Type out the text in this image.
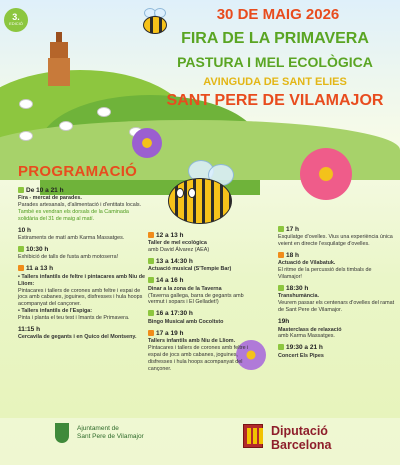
3.
EDICIÓ
30 DE MAIG 2026
FIRA DE LA PRIMAVERA
PASTURA I MEL ECOLÒGICA
AVINGUDA DE SANT ELIES
SANT PERE DE VILAMAJOR
PROGRAMACIÓ
De 10 a 21 h
Fira - mercat de parades.
Parades artesanals, d'alimentació i d'entitats locals.
També es vendran els dorsals de la Caminada solidària del 31 de maig al matí.
10 h
Estiraments de matí amb Karma Massatges.
10:30 h
Exhibició de talls de fusta amb motoserra!
11 a 13 h
• Tallers infantils de feltre i pintacares amb Niu de Lliom:
Pintacares i tallers de corones amb feltre i espai de jocs amb cabanes, joguines, disfresses i hula hoops acompanyat del cançoner.
• Tallers infantils de l'Espiga:
Pinta i planta el teu test i Imants de Primavera.
11:15 h
Cercavila de gegants i en Quico del Montseny.
12 a 13 h
Taller de mel ecològica
amb David Álvarez (AEA)
13 a 14:30 h
Actuació musical (S'Tempie Bar)
14 a 16 h
Dinar a la zona de la Taverna
(Taverna gallega, barra de gegants amb vermut i sopars i El Gelladet!)
16 a 17:30 h
Bingo Musical amb Cocoltsto
17 a 19 h
Tallers infantils amb Niu de Lliom.
Pintacares i tallers de corones amb feltre i espai de jocs amb cabanes, joguines, disfresses i hula hoops acompanyat del cançoner.
17 h
Esquilatge d'ovelles. Vius una experiència única veient en directe l'esquilatge d'ovelles.
18 h
Actuació de Vilabatuk.
El ritme de la percussió dels timbals de Vilamajor!
18:30 h
Transhumància.
Veurem passar els centenars d'ovelles del ramat de Sant Pere de Vilamajor.
19h
Masterclass de relaxació
amb Karma Massatges.
19:30 a 21 h
Concert Els Pipes
Ajuntament de
Sant Pere de Vilamajor	Diputació
Barcelona
